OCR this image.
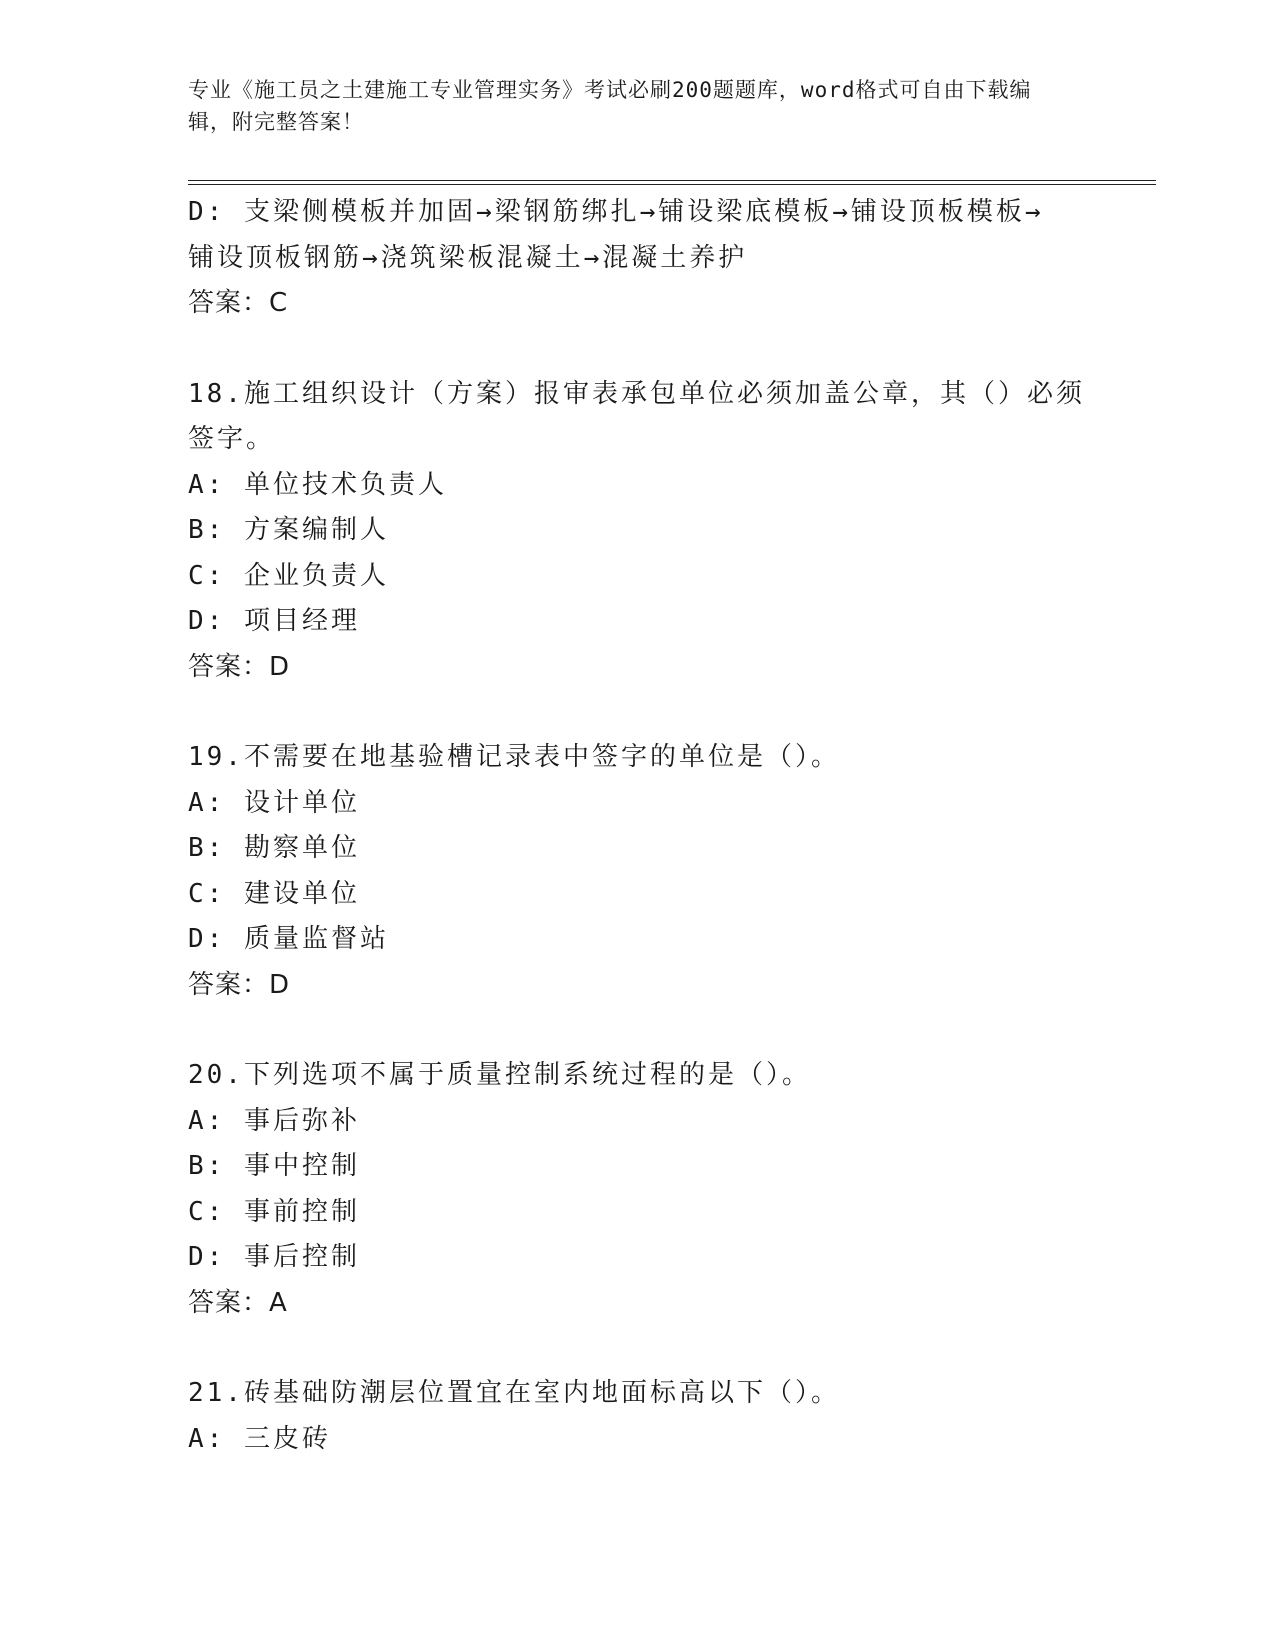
专业《施工员之土建施工专业管理实务》考试必刷200题题库，word格式可自由下载编辑，附完整答案！
D: 支梁侧模板并加固→梁钢筋绑扎→铺设梁底模板→铺设顶板模板→
铺设顶板钢筋→浇筑梁板混凝土→混凝土养护
答案：C
18.施工组织设计（方案）报审表承包单位必须加盖公章，其（）必须
签字。
A: 单位技术负责人
B: 方案编制人
C: 企业负责人
D: 项目经理
答案：D
19.不需要在地基验槽记录表中签字的单位是（）。
A: 设计单位
B: 勘察单位
C: 建设单位
D: 质量监督站
答案：D
20.下列选项不属于质量控制系统过程的是（）。
A: 事后弥补
B: 事中控制
C: 事前控制
D: 事后控制
答案：A
21.砖基础防潮层位置宜在室内地面标高以下（）。
A: 三皮砖
